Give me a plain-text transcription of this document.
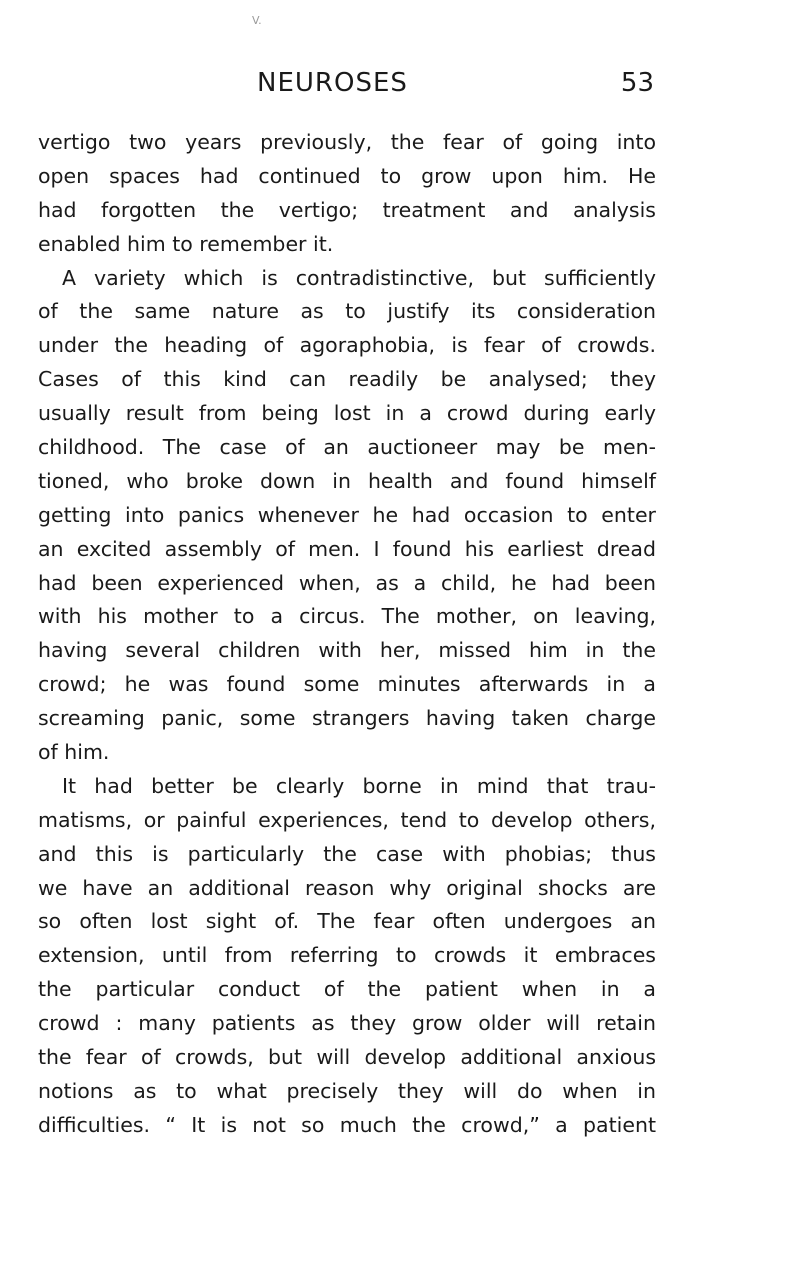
V.
NEUROSES	53
vertigo two years previously, the fear of going into
open spaces had continued to grow upon him. He
had forgotten the vertigo; treatment and analysis
enabled him to remember it.
A variety which is contradistinctive, but sufficiently
of the same nature as to justify its consideration
under the heading of agoraphobia, is fear of crowds.
Cases of this kind can readily be analysed; they
usually result from being lost in a crowd during early
childhood. The case of an auctioneer may be men-
tioned, who broke down in health and found himself
getting into panics whenever he had occasion to enter
an excited assembly of men. I found his earliest dread
had been experienced when, as a child, he had been
with his mother to a circus. The mother, on leaving,
having several children with her, missed him in the
crowd; he was found some minutes afterwards in a
screaming panic, some strangers having taken charge
of him.
It had better be clearly borne in mind that trau-
matisms, or painful experiences, tend to develop others,
and this is particularly the case with phobias; thus
we have an additional reason why original shocks are
so often lost sight of. The fear often undergoes an
extension, until from referring to crowds it embraces
the particular conduct of the patient when in a
crowd : many patients as they grow older will retain
the fear of crowds, but will develop additional anxious
notions as to what precisely they will do when in
difficulties. “ It is not so much the crowd,” a patient
